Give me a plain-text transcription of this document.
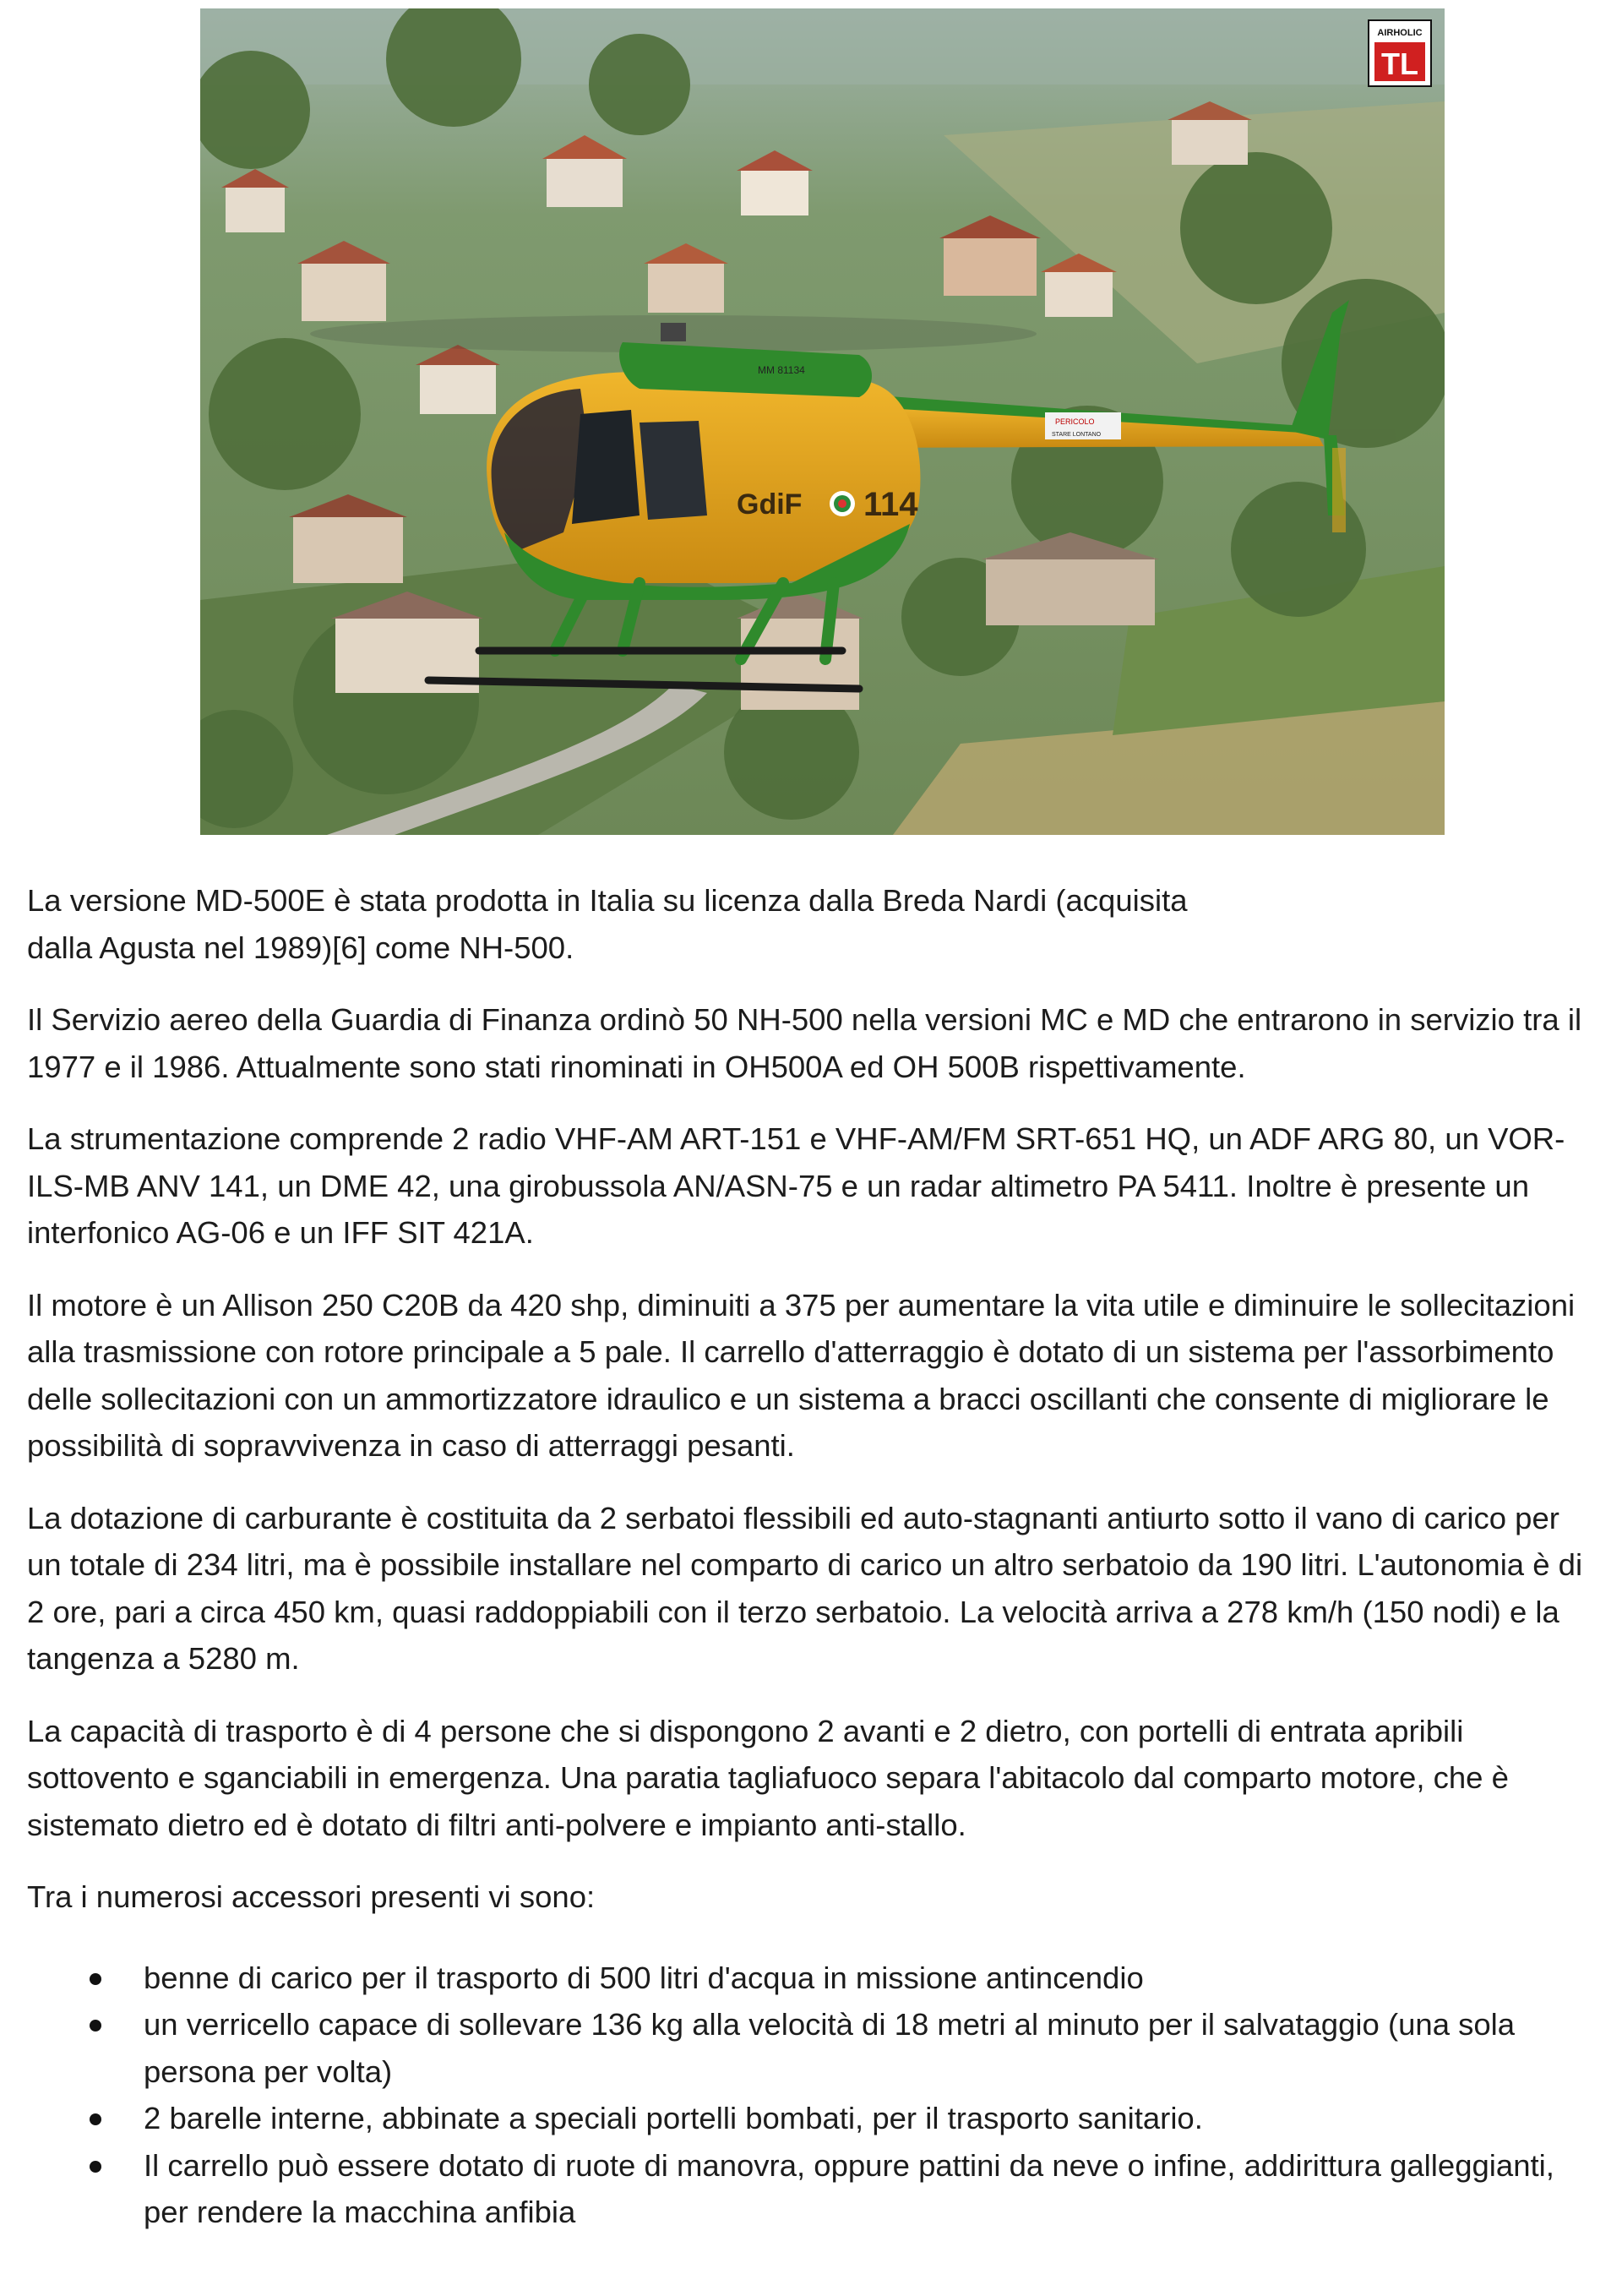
GdiF 114
MM 81134
PERICOLO
STARE LONTANO
TL
AIRHOLIC

La versione MD-500E è stata prodotta in Italia su licenza dalla Breda Nardi (acquisita dalla Agusta nel 1989)[6] come NH-500.

Il Servizio aereo della Guardia di Finanza ordinò 50 NH-500 nella versioni MC e MD che entrarono in servizio tra il 1977 e il 1986. Attualmente sono stati rinominati in OH500A ed OH 500B rispettivamente.

La strumentazione comprende 2 radio VHF-AM ART-151 e VHF-AM/FM SRT-651 HQ, un ADF ARG 80, un VOR-ILS-MB ANV 141, un DME 42, una girobussola AN/ASN-75 e un radar altimetro PA 5411. Inoltre è presente un interfonico AG-06 e un IFF SIT 421A.

Il motore è un Allison 250 C20B da 420 shp, diminuiti a 375 per aumentare la vita utile e diminuire le sollecitazioni alla trasmissione con rotore principale a 5 pale. Il carrello d'atterraggio è dotato di un sistema per l'assorbimento delle sollecitazioni con un ammortizzatore idraulico e un sistema a bracci oscillanti che consente di migliorare le possibilità di sopravvivenza in caso di atterraggi pesanti.

La dotazione di carburante è costituita da 2 serbatoi flessibili ed auto-stagnanti antiurto sotto il vano di carico per un totale di 234 litri, ma è possibile installare nel comparto di carico un altro serbatoio da 190 litri. L'autonomia è di 2 ore, pari a circa 450 km, quasi raddoppiabili con il terzo serbatoio. La velocità arriva a 278 km/h (150 nodi) e la tangenza a 5280 m.

La capacità di trasporto è di 4 persone che si dispongono 2 avanti e 2 dietro, con portelli di entrata apribili sottovento e sganciabili in emergenza. Una paratia tagliafuoco separa l'abitacolo dal comparto motore, che è sistemato dietro ed è dotato di filtri anti-polvere e impianto anti-stallo.

Tra i numerosi accessori presenti vi sono:

benne di carico per il trasporto di 500 litri d'acqua in missione antincendio
un verricello capace di sollevare 136 kg alla velocità di 18 metri al minuto per il salvataggio (una sola persona per volta)
2 barelle interne, abbinate a speciali portelli bombati, per il trasporto sanitario.
Il carrello può essere dotato di ruote di manovra, oppure pattini da neve o infine, addirittura galleggianti, per rendere la macchina anfibia
